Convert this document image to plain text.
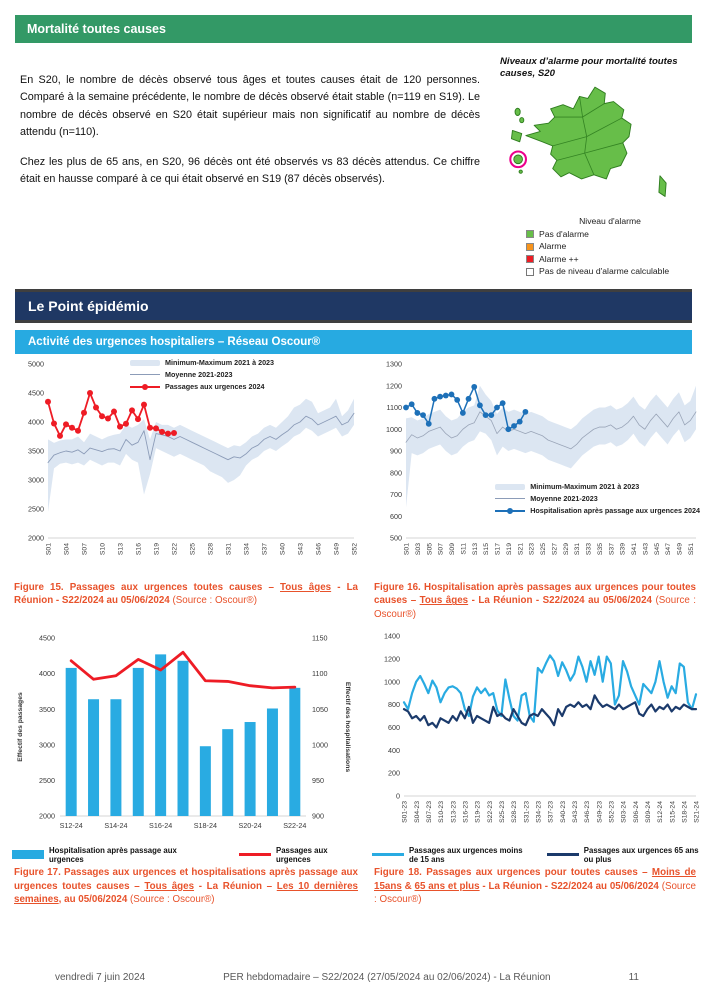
Mortalité toutes causes

En S20, le nombre de décès observé tous âges et toutes causes était de 120 personnes. Comparé à la semaine précédente, le nombre de décès observé était stable (n=119 en S19). Le nombre de décès observé en S20 était supérieur mais non significatif au nombre de décès attendu (n=110).

Chez les plus de 65 ans, en S20, 96 décès ont été observés vs 83 décès attendus. Ce chiffre était en hausse comparé à ce qui était observé en S19 (87 décès observés).

Niveaux d’alarme pour mortalité toutes causes, S20
Niveau d'alarme
Pas d'alarme
Alarme
Alarme ++
Pas de niveau d'alarme calculable
Le Point épidémio
Activité des urgences hospitaliers – Réseau Oscour®
2000
2500
3000
3500
4000
4500
5000
S01 S04 S07 S10 S13 S16 S19 S22 S25 S28 S31 S34 S37 S40 S43 S46 S49 S52
Minimum-Maximum 2021 à 2023
Moyenne 2021-2023
Passages aux urgences 2024
500
600
700
800
900
1000
1100
1200
1300
S01 S03 S05 S07 S09 S11 S13 S15 S17 S19 S21 S23 S25 S27 S29 S31 S33 S35 S37 S39 S41 S43 S45 S47 S49 S51
Minimum-Maximum 2021 à 2023
Moyenne 2021-2023
Hospitalisation après passage aux urgences 2024
Figure 15. Passages aux urgences toutes causes – Tous âges - La Réunion - S22/2024 au 05/06/2024 (Source : Oscour®)
Figure 16. Hospitalisation après passages aux urgences pour toutes causes – Tous âges - La Réunion - S22/2024 au 05/06/2024 (Source : Oscour®)
2000
2500
3000
3500
4000
4500
900
950
1000
1050
1100
1150
S12-24	S14-24	S16-24	S18-24	S20-24	S22-24
Effectif des passages	Effectif des hospitalisations
Hospitalisation après passage aux urgences
Passages aux urgences
0
200
400
600
800
1000
1200
1400
S01-23 S04-23 S07-23 S10-23 S13-23 S16-23 S19-23 S22-23 S25-23 S28-23 S31-23 S34-23 S37-23 S40-23 S43-23 S46-23 S49-23 S52-23 S03-24 S06-24 S09-24 S12-24 S15-24 S18-24 S21-24
Passages aux urgences moins de 15 ans
Passages aux urgences 65 ans ou plus
Figure 17. Passages aux urgences et hospitalisations après passage aux urgences toutes causes – Tous âges - La Réunion – Les 10 dernières semaines, au 05/06/2024 (Source : Oscour®)
Figure 18. Passages aux urgences pour toutes causes – Moins de 15ans & 65 ans et plus - La Réunion - S22/2024 au 05/06/2024 (Source : Oscour®)
vendredi 7 juin 2024	PER hebdomadaire – S22/2024 (27/05/2024 au 02/06/2024) - La Réunion	11
